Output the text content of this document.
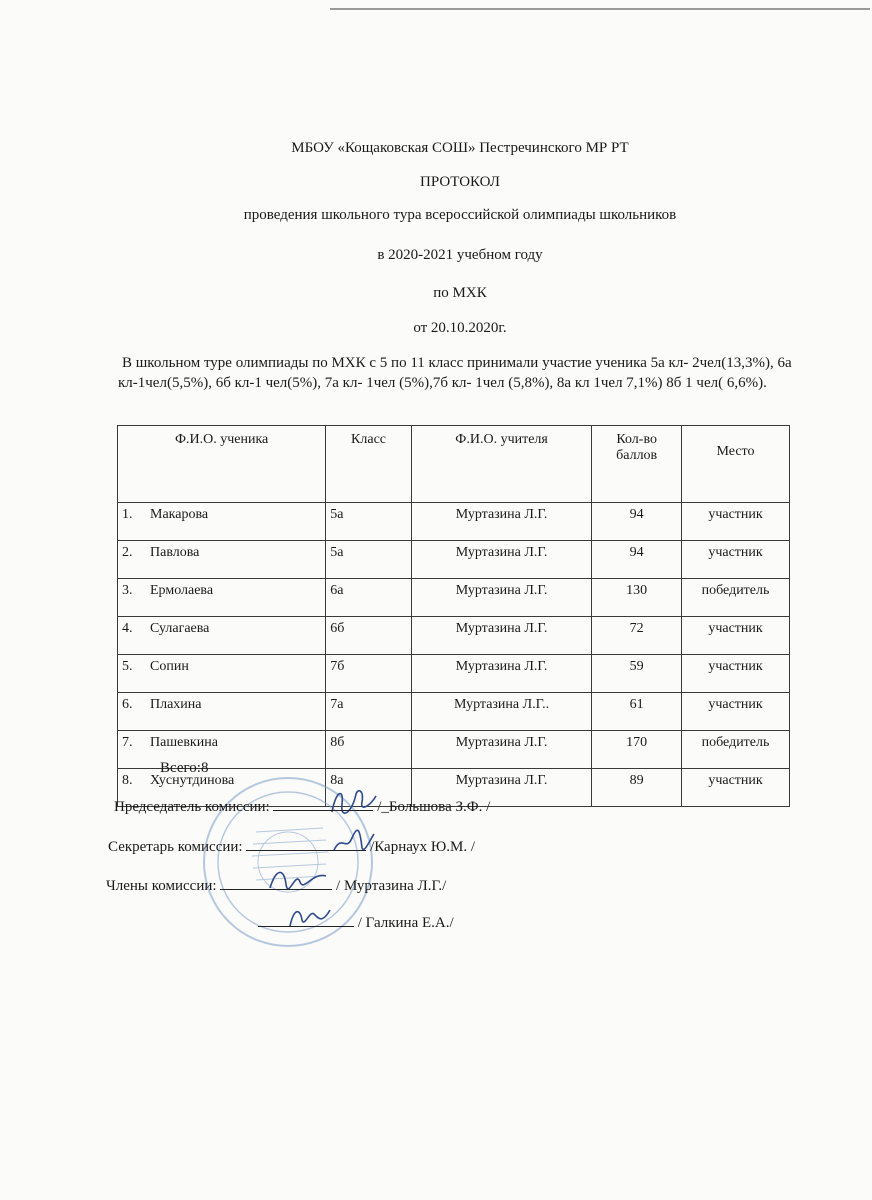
МБОУ «Кощаковская СОШ» Пестречинского МР РТ
ПРОТОКОЛ
проведения школьного тура всероссийской олимпиады школьников
в 2020-2021 учебном году
по МХК
от 20.10.2020г.
В школьном туре олимпиады по МХК с 5 по 11 класс принимали участие ученика 5а кл- 2чел(13,3%), 6а кл-1чел(5,5%), 6б кл-1 чел(5%), 7а кл- 1чел (5%),7б кл- 1чел (5,8%), 8а кл 1чел 7,1%) 8б 1 чел( 6,6%).
Ф.И.О. ученика	Класс	Ф.И.О. учителя	Кол-во баллов	Место
1. Макарова	5а	Муртазина Л.Г.	94	участник
2. Павлова	5а	Муртазина Л.Г.	94	участник
3. Ермолаева	6а	Муртазина Л.Г.	130	победитель
4. Сулагаева	6б	Муртазина Л.Г.	72	участник
5. Сопин	7б	Муртазина Л.Г.	59	участник
6. Плахина	7а	Муртазина Л.Г..	61	участник
7. Пашевкина	8б	Муртазина Л.Г.	170	победитель
8. Хуснутдинова	8а	Муртазина Л.Г.	89	участник
Всего:8
Председатель комиссии:	/_Большова З.Ф. /
Секретарь комиссии:	/Карнаух Ю.М. /
Члены комиссии:	/ Муртазина Л.Г./
/ Галкина Е.А./
